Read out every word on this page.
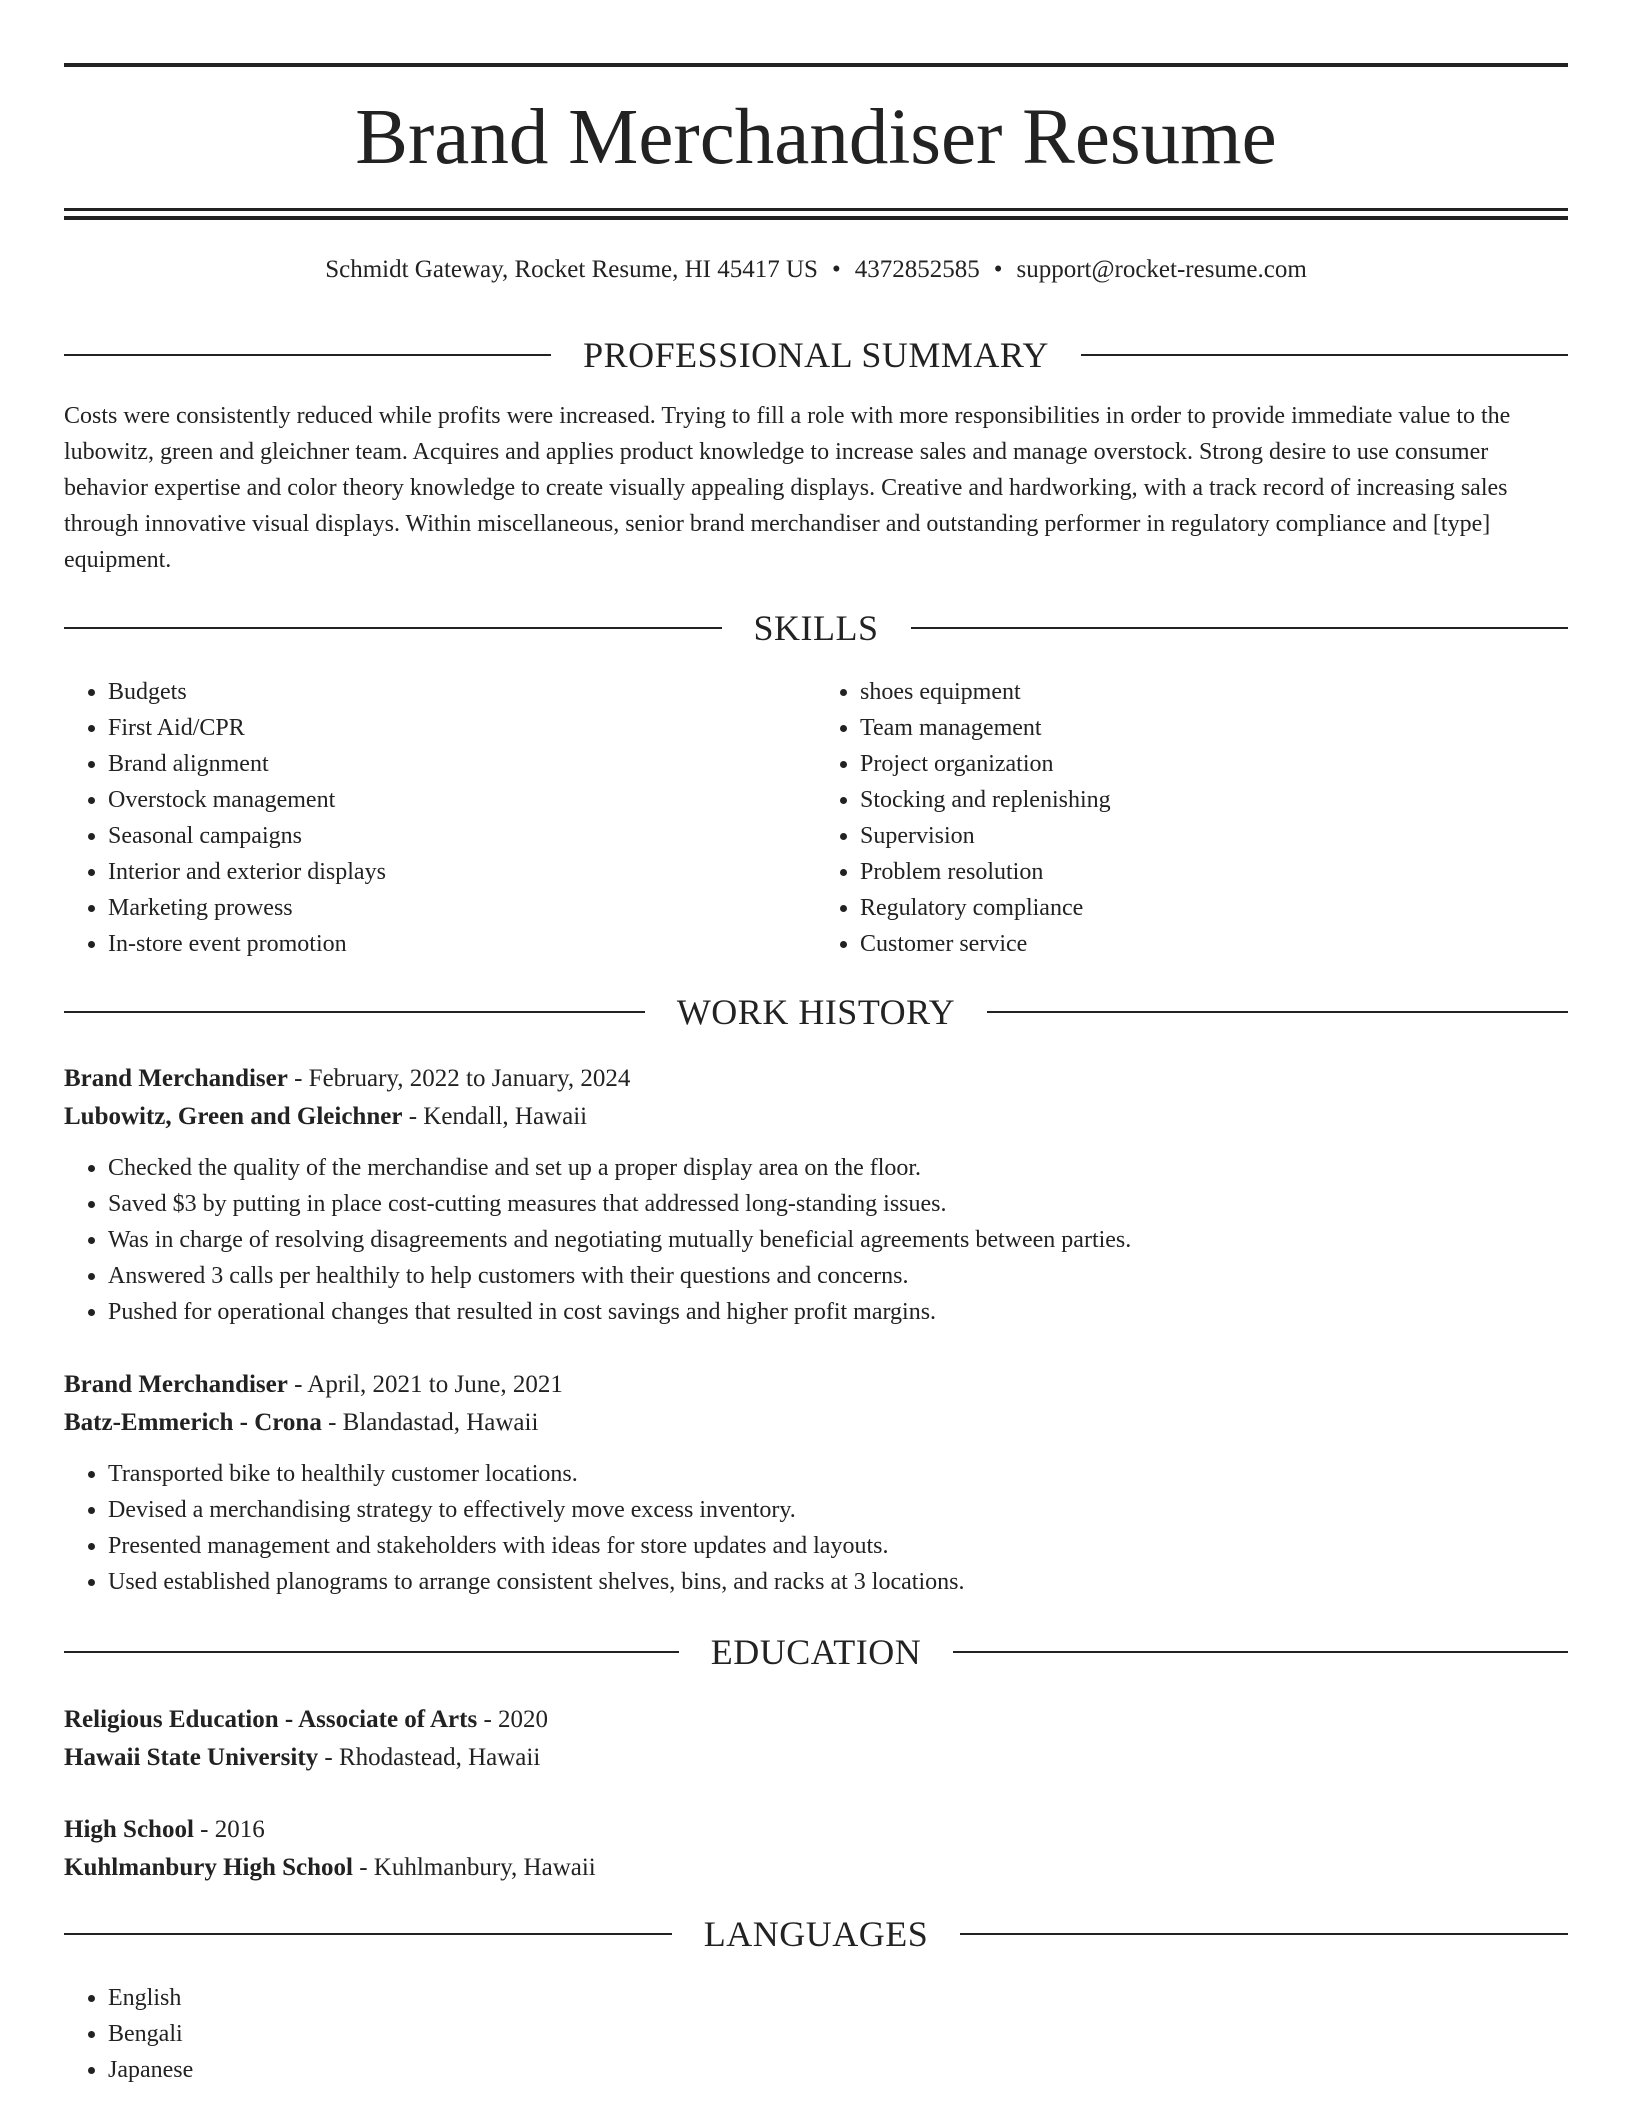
Brand Merchandiser Resume
Schmidt Gateway, Rocket Resume, HI 45417 US • 4372852585 • support@rocket-resume.com
PROFESSIONAL SUMMARY

Costs were consistently reduced while profits were increased. Trying to fill a role with more responsibilities in order to provide immediate value to the lubowitz, green and gleichner team. Acquires and applies product knowledge to increase sales and manage overstock. Strong desire to use consumer behavior expertise and color theory knowledge to create visually appealing displays. Creative and hardworking, with a track record of increasing sales through innovative visual displays. Within miscellaneous, senior brand merchandiser and outstanding performer in regulatory compliance and [type] equipment.

SKILLS
• Budgets
• First Aid/CPR
• Brand alignment
• Overstock management
• Seasonal campaigns
• Interior and exterior displays
• Marketing prowess
• In-store event promotion
• shoes equipment
• Team management
• Project organization
• Stocking and replenishing
• Supervision
• Problem resolution
• Regulatory compliance
• Customer service
WORK HISTORY
Brand Merchandiser - February, 2022 to January, 2024
Lubowitz, Green and Gleichner - Kendall, Hawaii
• Checked the quality of the merchandise and set up a proper display area on the floor.
• Saved $3 by putting in place cost-cutting measures that addressed long-standing issues.
• Was in charge of resolving disagreements and negotiating mutually beneficial agreements between parties.
• Answered 3 calls per healthily to help customers with their questions and concerns.
• Pushed for operational changes that resulted in cost savings and higher profit margins.
Brand Merchandiser - April, 2021 to June, 2021
Batz-Emmerich - Crona - Blandastad, Hawaii
• Transported bike to healthily customer locations.
• Devised a merchandising strategy to effectively move excess inventory.
• Presented management and stakeholders with ideas for store updates and layouts.
• Used established planograms to arrange consistent shelves, bins, and racks at 3 locations.
EDUCATION
Religious Education - Associate of Arts - 2020
Hawaii State University - Rhodastead, Hawaii
High School - 2016
Kuhlmanbury High School - Kuhlmanbury, Hawaii
LANGUAGES
• English
• Bengali
• Japanese
